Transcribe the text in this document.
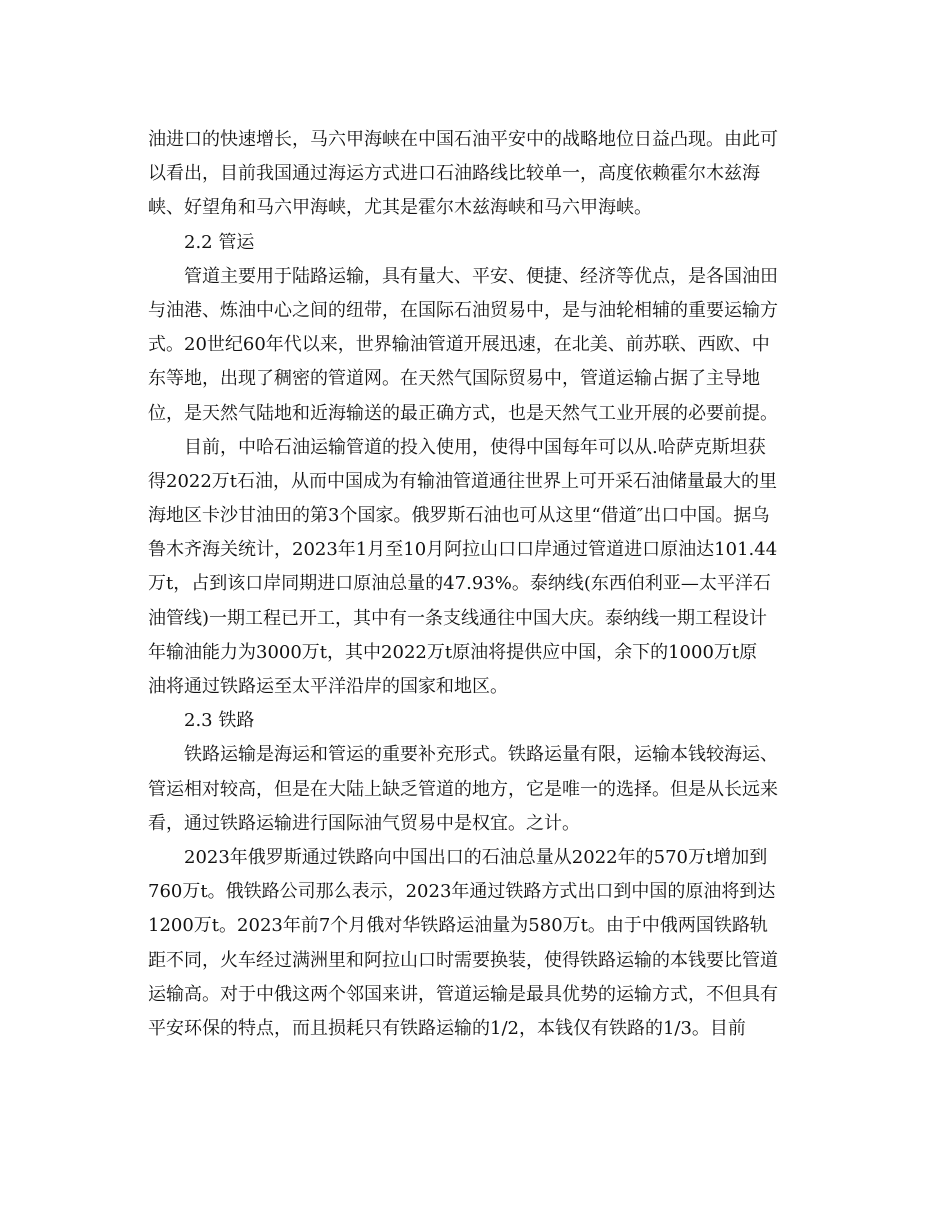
油进口的快速增长，马六甲海峡在中国石油平安中的战略地位日益凸现。由此可
以看出，目前我国通过海运方式进口石油路线比较单一，高度依赖霍尔木兹海
峡、好望角和马六甲海峡，尤其是霍尔木兹海峡和马六甲海峡。
2.2 管运
管道主要用于陆路运输，具有量大、平安、便捷、经济等优点，是各国油田
与油港、炼油中心之间的纽带，在国际石油贸易中，是与油轮相辅的重要运输方
式。20世纪60年代以来，世界输油管道开展迅速，在北美、前苏联、西欧、中
东等地，出现了稠密的管道网。在天然气国际贸易中，管道运输占据了主导地
位，是天然气陆地和近海输送的最正确方式，也是天然气工业开展的必要前提。
目前，中哈石油运输管道的投入使用，使得中国每年可以从.哈萨克斯坦获
得2022万t石油，从而中国成为有输油管道通往世界上可开采石油储量最大的里
海地区卡沙甘油田的第3个国家。俄罗斯石油也可从这里“借道″出口中国。据乌
鲁木齐海关统计，2023年1月至10月阿拉山口口岸通过管道进口原油达101.44
万t，占到该口岸同期进口原油总量的47.93%。泰纳线(东西伯利亚—太平洋石
油管线)一期工程已开工，其中有一条支线通往中国大庆。泰纳线一期工程设计
年输油能力为3000万t，其中2022万t原油将提供应中国，余下的1000万t原
油将通过铁路运至太平洋沿岸的国家和地区。
2.3 铁路
铁路运输是海运和管运的重要补充形式。铁路运量有限，运输本钱较海运、
管运相对较高，但是在大陆上缺乏管道的地方，它是唯一的选择。但是从长远来
看，通过铁路运输进行国际油气贸易中是权宜。之计。
2023年俄罗斯通过铁路向中国出口的石油总量从2022年的570万t增加到
760万t。俄铁路公司那么表示，2023年通过铁路方式出口到中国的原油将到达
1200万t。2023年前7个月俄对华铁路运油量为580万t。由于中俄两国铁路轨
距不同，火车经过满洲里和阿拉山口时需要换装，使得铁路运输的本钱要比管道
运输高。对于中俄这两个邻国来讲，管道运输是最具优势的运输方式，不但具有
平安环保的特点，而且损耗只有铁路运输的1/2，本钱仅有铁路的1/3。目前
